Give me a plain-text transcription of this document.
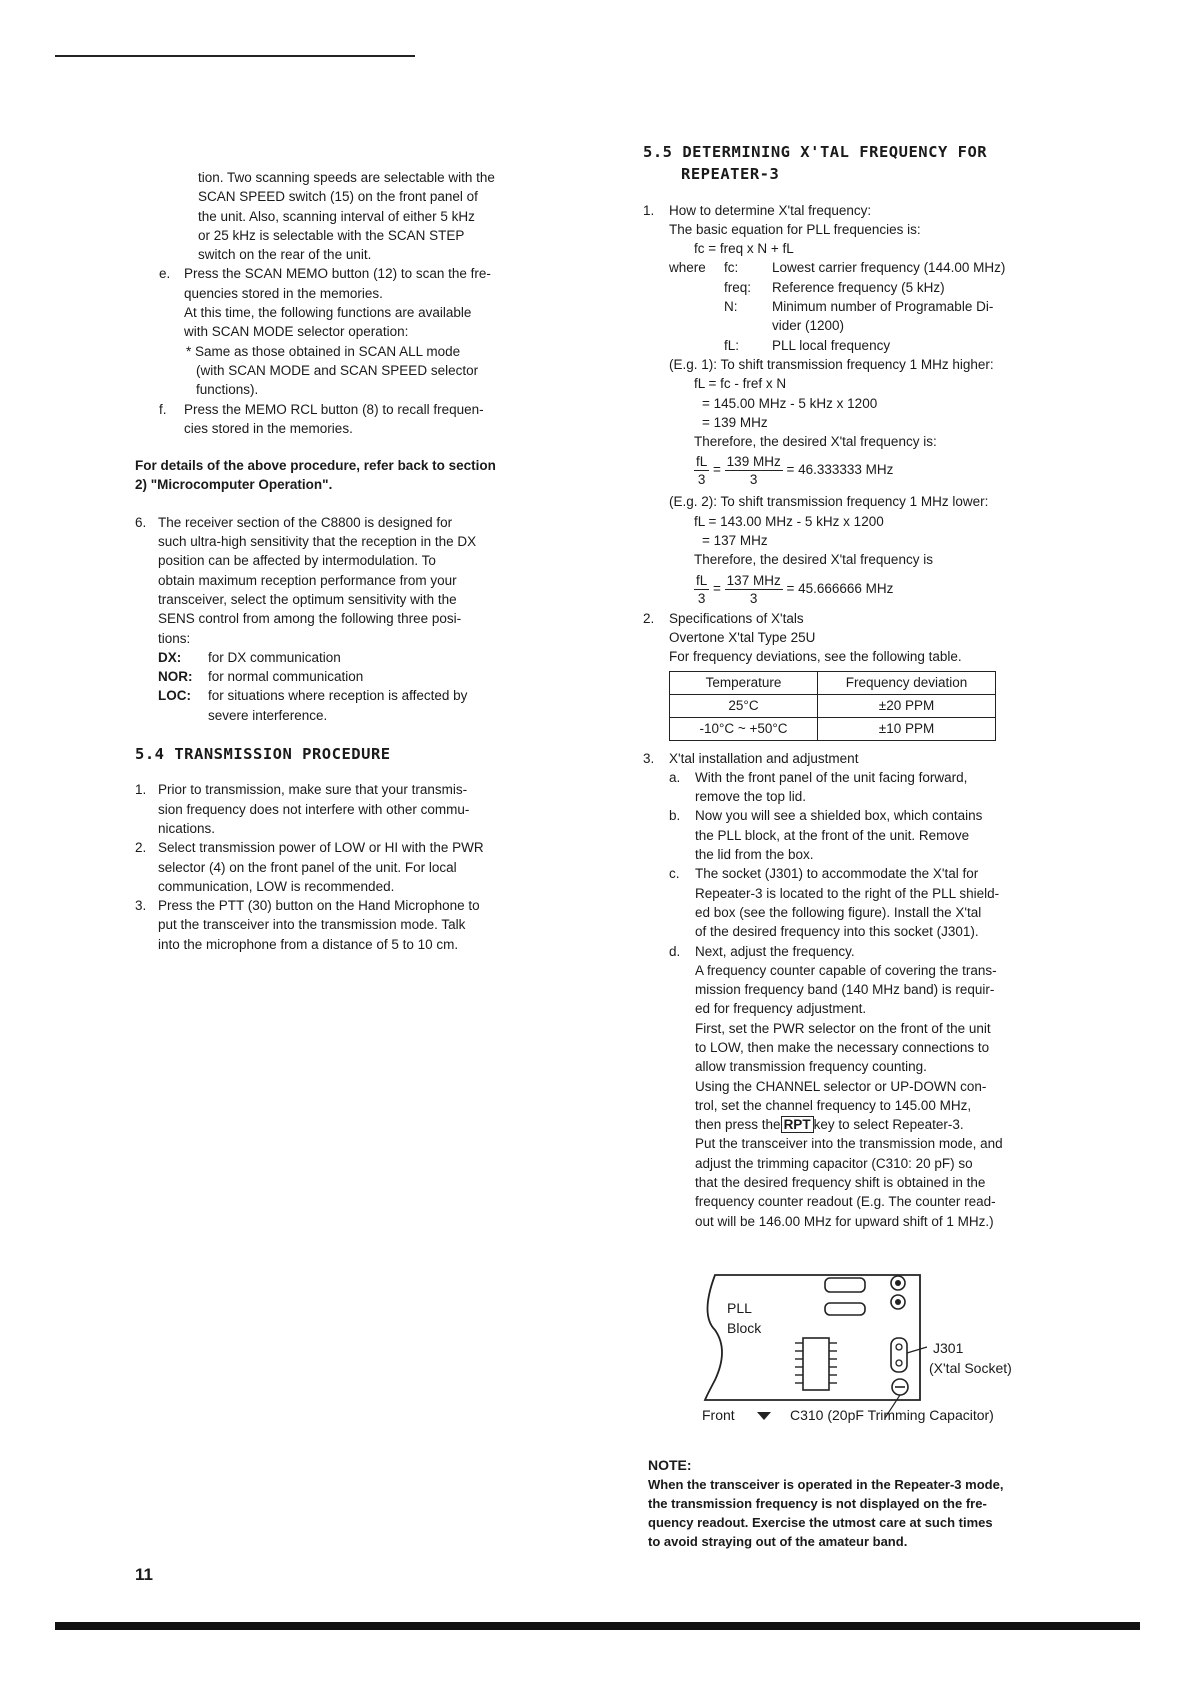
tion. Two scanning speeds are selectable with the

SCAN SPEED switch (15) on the front panel of

the unit. Also, scanning interval of either 5 kHz

or 25 kHz is selectable with the SCAN STEP

switch on the rear of the unit.

e.	Press the SCAN MEMO button (12) to scan the fre-

quencies stored in the memories.

At this time, the following functions are available

with SCAN MODE selector operation:

* Same as those obtained in SCAN ALL mode

(with SCAN MODE and SCAN SPEED selector

functions).

f.	Press the MEMO RCL button (8) to recall frequen-

cies stored in the memories.

For details of the above procedure, refer back to section

2) "Microcomputer Operation".

6. The receiver section of the C8800 is designed for

such ultra-high sensitivity that the reception in the DX

position can be affected by intermodulation. To

obtain maximum reception performance from your

transceiver, select the optimum sensitivity with the

SENS control from among the following three posi-

tions:

DX:	for DX communication
NOR:	for normal communication
LOC:	for situations where reception is affected by

severe interference.

5.4 TRANSMISSION PROCEDURE
1. Prior to transmission, make sure that your transmis-

sion frequency does not interfere with other commu-

nications.

2. Select transmission power of LOW or HI with the PWR

selector (4) on the front panel of the unit. For local

communication, LOW is recommended.

3. Press the PTT (30) button on the Hand Microphone to

put the transceiver into the transmission mode. Talk

into the microphone from a distance of 5 to 10 cm.

5.5 DETERMINING X'TAL FREQUENCY FOR
REPEATER-3
1.	How to determine X'tal frequency:

The basic equation for PLL frequencies is:

fc = freq x N + fL

where	fc:	Lowest carrier frequency (144.00 MHz)
freq:	Reference frequency (5 kHz)
N:	Minimum number of Programable Di-
vider (1200)
fL:	PLL local frequency

(E.g. 1): To shift transmission frequency 1 MHz higher:

fL = fc - fref x N

= 145.00 MHz - 5 kHz x 1200

= 139 MHz

Therefore, the desired X'tal frequency is:

$\frac{fL}{3} = \frac{\text{139 MHz}}{3} = 46.333333$ MHz

(E.g. 2): To shift transmission frequency 1 MHz lower:

fL = 143.00 MHz - 5 kHz x 1200

= 137 MHz

Therefore, the desired X'tal frequency is

$\frac{fL}{3} = \frac{\text{137 MHz}}{3} = 45.666666$ MHz
2.	Specifications of X'tals

Overtone X'tal Type 25U

For frequency deviations, see the following table.

Temperature	Frequency deviation
25°C	±20 PPM
-10°C ~ +50°C	±10 PPM
3.	X'tal installation and adjustment

a.	With the front panel of the unit facing forward,

remove the top lid.

b.	Now you will see a shielded box, which contains

the PLL block, at the front of the unit. Remove

the lid from the box.

c.	The socket (J301) to accommodate the X'tal for

Repeater-3 is located to the right of the PLL shield-

ed box (see the following figure). Install the X'tal

of the desired frequency into this socket (J301).

d.	Next, adjust the frequency.

A frequency counter capable of covering the trans-

mission frequency band (140 MHz band) is requir-

ed for frequency adjustment.

First, set the PWR selector on the front of the unit

to LOW, then make the necessary connections to

allow transmission frequency counting.

Using the CHANNEL selector or UP-DOWN con-

trol, set the channel frequency to 145.00 MHz,

then press the RPT key to select Repeater-3.

Put the transceiver into the transmission mode, and

adjust the trimming capacitor (C310: 20 pF) so

that the desired frequency shift is obtained in the

frequency counter readout (E.g. The counter read-

out will be 146.00 MHz for upward shift of 1 MHz.)

PLL
Block
J301
(X'tal Socket)
Front	C310 (20pF Trimming Capacitor)

NOTE:

When the transceiver is operated in the Repeater-3 mode,

the transmission frequency is not displayed on the fre-

quency readout. Exercise the utmost care at such times

to avoid straying out of the amateur band.

11
